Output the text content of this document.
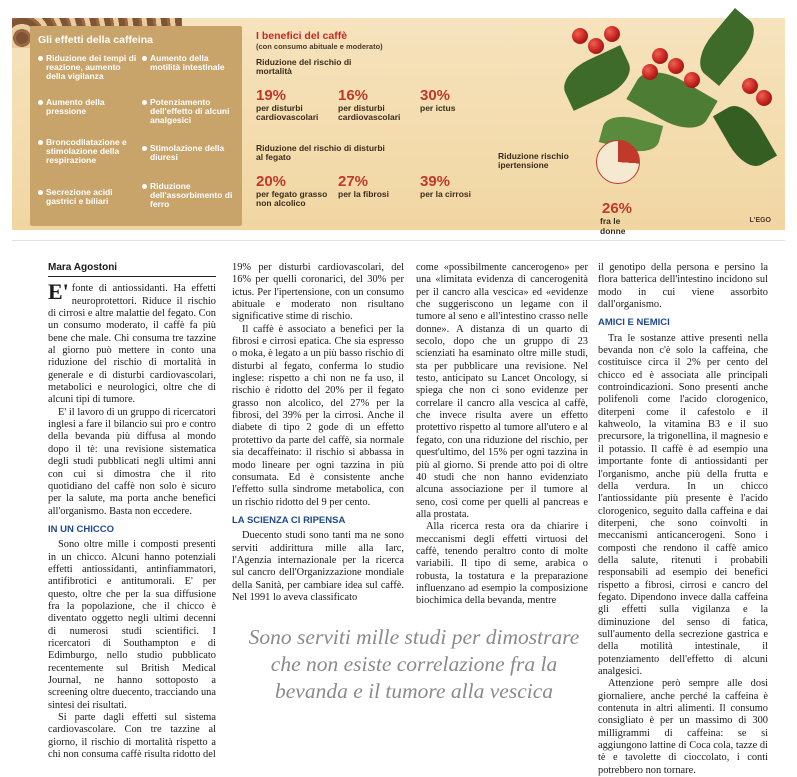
Gli effetti della caffeina
Riduzione dei tempi di reazione, aumento della vigilanza
Aumento della motilità intestinale
Aumento della pressione
Potenziamento dell'effetto di alcuni analgesici
Broncodilatazione e stimolazione della respirazione
Stimolazione della diuresi
Secrezione acidi gastrici e biliari
Riduzione dell'assorbimento di ferro
I benefici del caffè
(con consumo abituale e moderato)
Riduzione del rischio di mortalità
19%
per disturbi cardiovascolari
16%
per disturbi cardiovascolari
30%
per ictus
Riduzione del rischio di disturbi al fegato
20%
per fegato grasso non alcolico
27%
per la fibrosi
39%
per la cirrosi
Riduzione rischio ipertensione
26%
fra le donne
L'EGO
Mara Agostoni

E' fonte di antiossidanti. Ha effetti neuroprotettori. Riduce il rischio di cirrosi e altre malattie del fegato. Con un consumo moderato, il caffè fa più bene che male. Chi consuma tre tazzine al giorno può mettere in conto una riduzione del rischio di mortalità in generale e di disturbi cardiovascolari, metabolici e neurologici, oltre che di alcuni tipi di tumore.

E' il lavoro di un gruppo di ricercatori inglesi a fare il bilancio sui pro e contro della bevanda più diffusa al mondo dopo il tè: una revisione sistematica degli studi pubblicati negli ultimi anni con cui si dimostra che il rito quotidiano del caffè non solo è sicuro per la salute, ma porta anche benefici all'organismo. Basta non eccedere.

IN UN CHICCO

Sono oltre mille i composti presenti in un chicco. Alcuni hanno potenziali effetti antiossidanti, antinfiammatori, antifibrotici e antitumorali. E' per questo, oltre che per la sua diffusione fra la popolazione, che il chicco è diventato oggetto negli ultimi decenni di numerosi studi scientifici. I ricercatori di Southampton e di Edimburgo, nello studio pubblicato recentemente sul British Medical Journal, ne hanno sottoposto a screening oltre duecento, tracciando una sintesi dei risultati.

Si parte dagli effetti sul sistema cardiovascolare. Con tre tazzine al giorno, il rischio di mortalità rispetto a chi non consuma caffè risulta ridotto del

19% per disturbi cardiovascolari, del 16% per quelli coronarici, del 30% per ictus. Per l'ipertensione, con un consumo abituale e moderato non risultano significative stime di rischio.

Il caffè è associato a benefici per la fibrosi e cirrosi epatica. Che sia espresso o moka, è legato a un più basso rischio di disturbi al fegato, conferma lo studio inglese: rispetto a chi non ne fa uso, il rischio è ridotto del 20% per il fegato grasso non alcolico, del 27% per la fibrosi, del 39% per la cirrosi. Anche il diabete di tipo 2 gode di un effetto protettivo da parte del caffè, sia normale sia decaffeinato: il rischio si abbassa in modo lineare per ogni tazzina in più consumata. Ed è consistente anche l'effetto sulla sindrome metabolica, con un rischio ridotto del 9 per cento.

LA SCIENZA CI RIPENSA

Duecento studi sono tanti ma ne sono serviti addirittura mille alla Iarc, l'Agenzia internazionale per la ricerca sul cancro dell'Organizzazione mondiale della Sanità, per cambiare idea sul caffè. Nel 1991 lo aveva classificato

come «possibilmente cancerogeno» per una «limitata evidenza di cancerogenità per il cancro alla vescica» ed «evidenze che suggeriscono un legame con il tumore al seno e all'intestino crasso nelle donne». A distanza di un quarto di secolo, dopo che un gruppo di 23 scienziati ha esaminato oltre mille studi, sta per pubblicare una revisione. Nel testo, anticipato su Lancet Oncology, si spiega che non ci sono evidenze per correlare il cancro alla vescica al caffè, che invece risulta avere un effetto protettivo rispetto al tumore all'utero e al fegato, con una riduzione del rischio, per quest'ultimo, del 15% per ogni tazzina in più al giorno. Si prende atto poi di oltre 40 studi che non hanno evidenziato alcuna associazione per il tumore al seno, così come per quelli al pancreas e alla prostata.

Alla ricerca resta ora da chiarire i meccanismi degli effetti virtuosi del caffè, tenendo peraltro conto di molte variabili. Il tipo di seme, arabica o robusta, la tostatura e la preparazione influenzano ad esempio la composizione biochimica della bevanda, mentre

il genotipo della persona e persino la flora batterica dell'intestino incidono sul modo in cui viene assorbito dall'organismo.

AMICI E NEMICI

Tra le sostanze attive presenti nella bevanda non c'è solo la caffeina, che costituisce circa il 2% per cento del chicco ed è associata alle principali controindicazioni. Sono presenti anche polifenoli come l'acido clorogenico, diterpeni come il cafestolo e il kahweolo, la vitamina B3 e il suo precursore, la trigonellina, il magnesio e il potassio. Il caffè è ad esempio una importante fonte di antiossidanti per l'organismo, anche più della frutta e della verdura. In un chicco l'antiossidante più presente è l'acido clorogenico, seguito dalla caffeina e dai diterpeni, che sono coinvolti in meccanismi anticancerogeni. Sono i composti che rendono il caffè amico della salute, ritenuti i probabili responsabili ad esempio dei benefici rispetto a fibrosi, cirrosi e cancro del fegato. Dipendono invece dalla caffeina gli effetti sulla vigilanza e la diminuzione del senso di fatica, sull'aumento della secrezione gastrica e della motilità intestinale, il potenziamento dell'effetto di alcuni analgesici.

Attenzione però sempre alle dosi giornaliere, anche perché la caffeina è contenuta in altri alimenti. Il consumo consigliato è per un massimo di 300 milligrammi di caffeina: se si aggiungono lattine di Coca cola, tazze di tè e tavolette di cioccolato, i conti potrebbero non tornare.

Sono serviti mille studi per dimostrare che non esiste correlazione fra la bevanda e il tumore alla vescica
